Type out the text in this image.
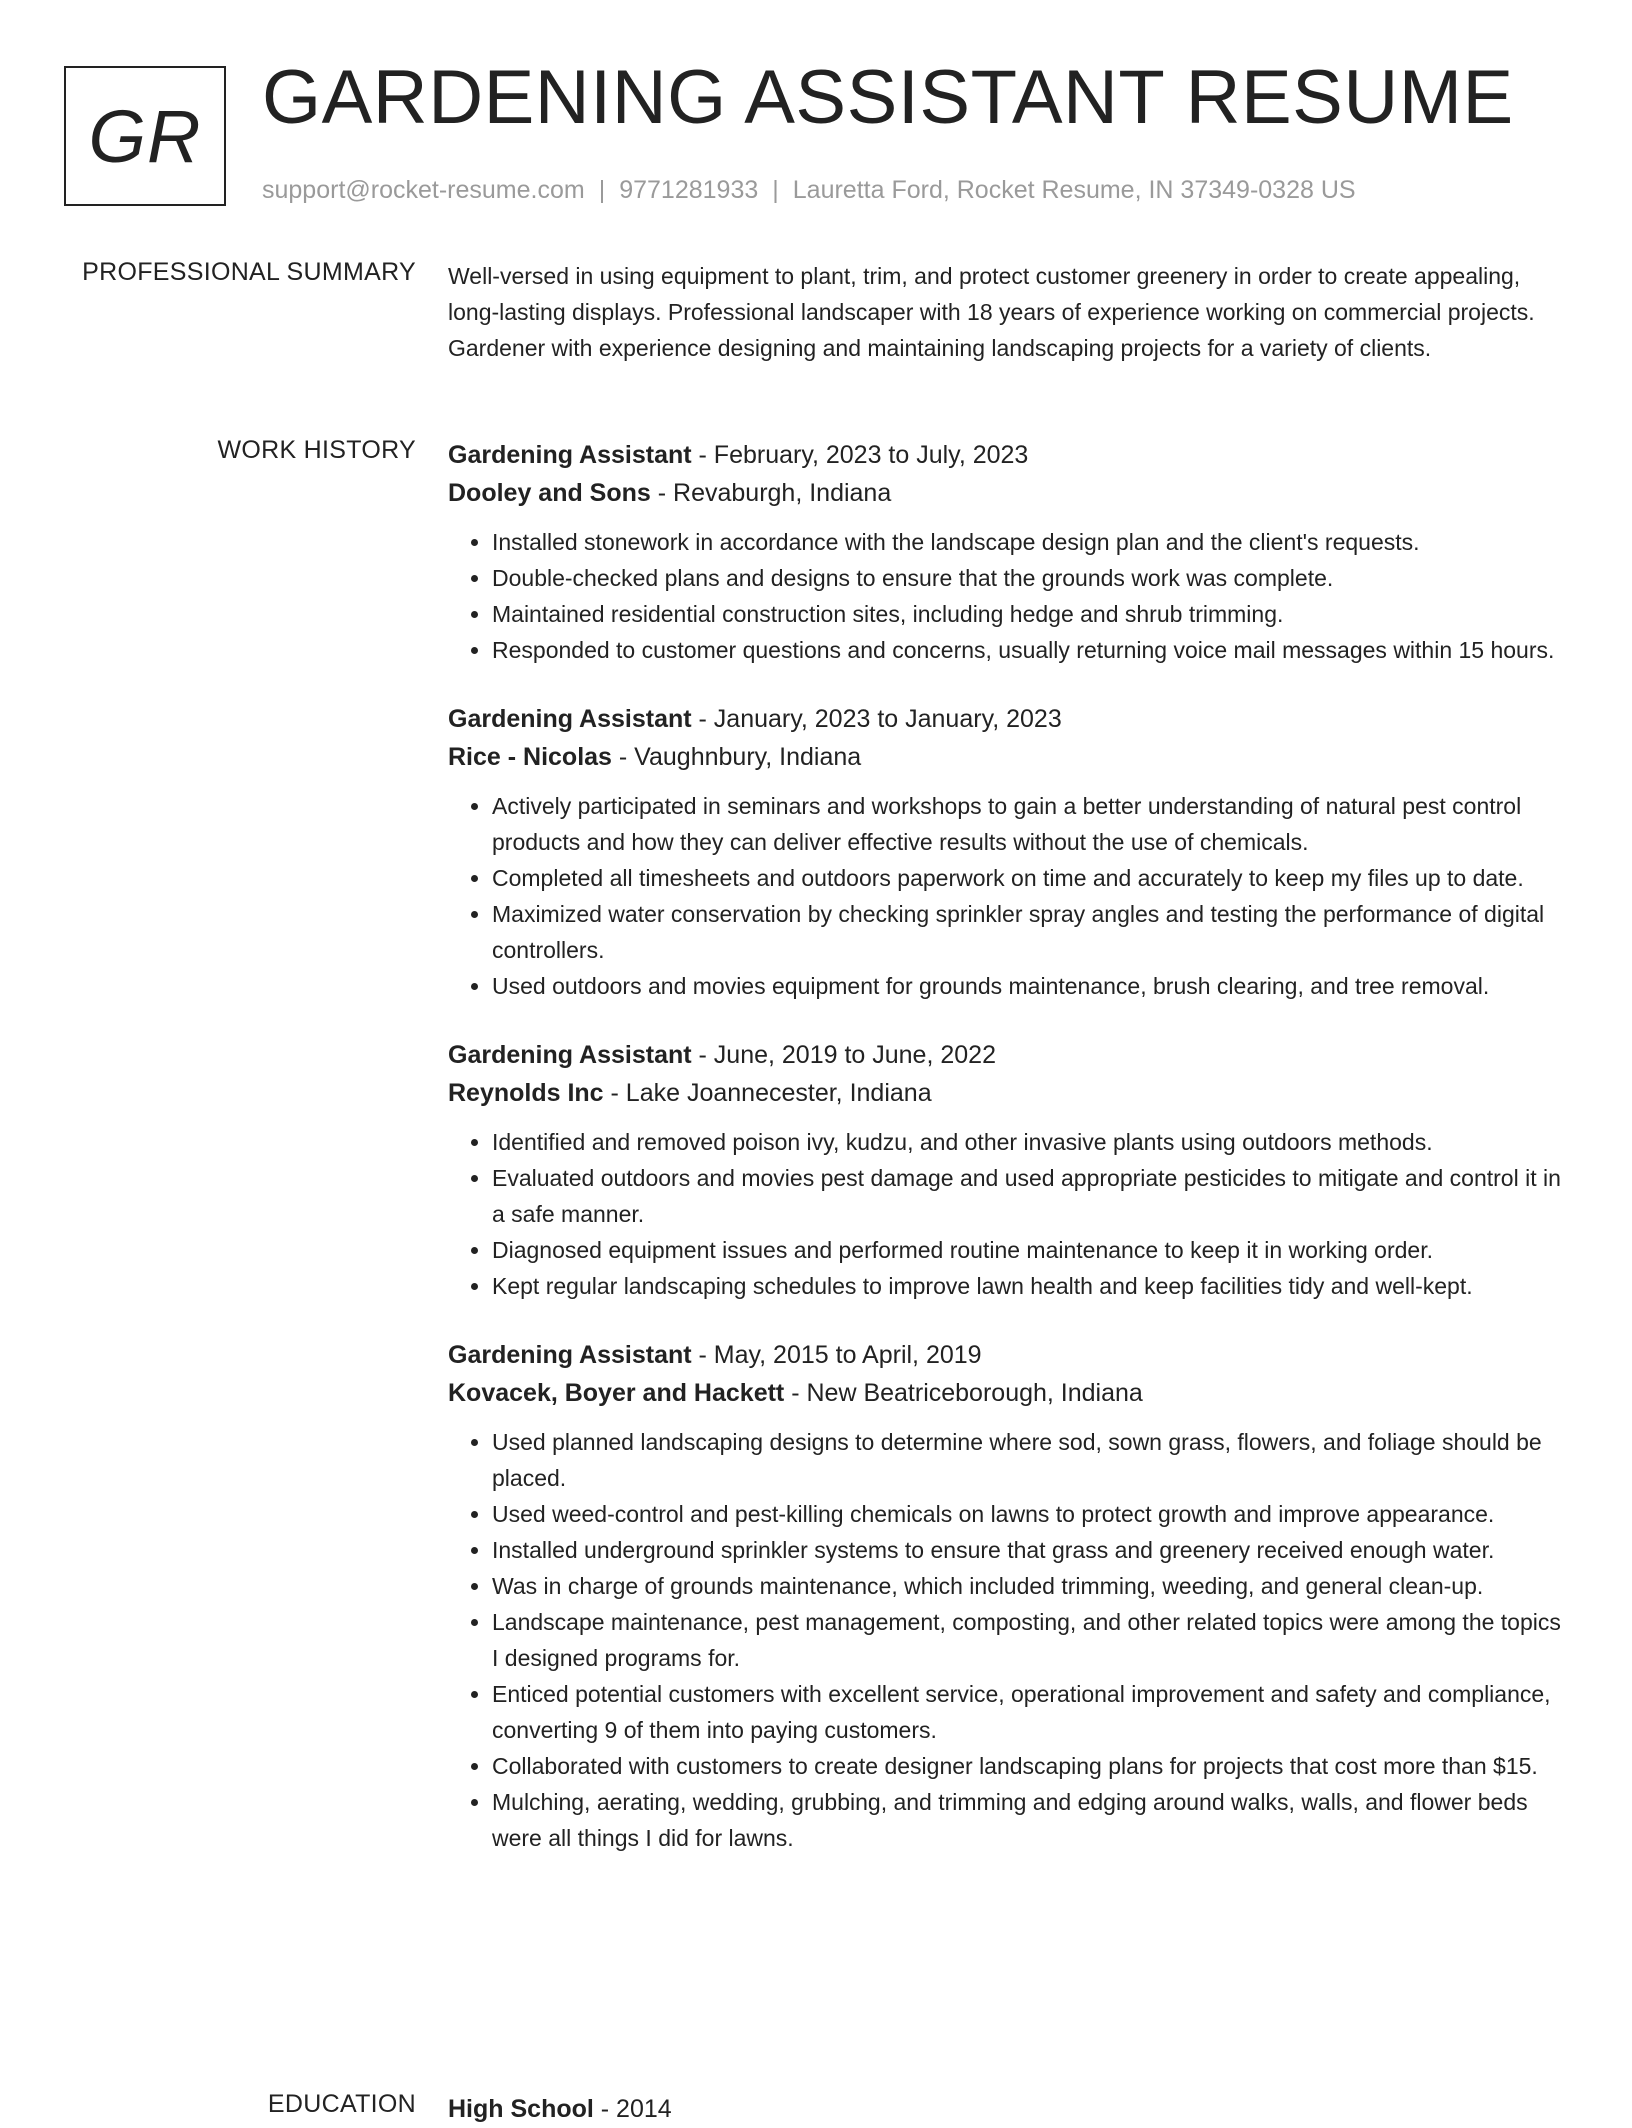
GR GARDENING ASSISTANT RESUME
support@rocket-resume.com | 9771281933 | Lauretta Ford, Rocket Resume, IN 37349-0328 US
PROFESSIONAL SUMMARY Well-versed in using equipment to plant, trim, and protect customer greenery in order to create appealing, long-lasting displays. Professional landscaper with 18 years of experience working on commercial projects. Gardener with experience designing and maintaining landscaping projects for a variety of clients.

WORK HISTORY Gardening Assistant - February, 2023 to July, 2023
Dooley and Sons - Revaburgh, Indiana
• Installed stonework in accordance with the landscape design plan and the client's requests.
• Double-checked plans and designs to ensure that the grounds work was complete.
• Maintained residential construction sites, including hedge and shrub trimming.
• Responded to customer questions and concerns, usually returning voice mail messages within 15 hours.
Gardening Assistant - January, 2023 to January, 2023
Rice - Nicolas - Vaughnbury, Indiana
• Actively participated in seminars and workshops to gain a better understanding of natural pest control products and how they can deliver effective results without the use of chemicals.
• Completed all timesheets and outdoors paperwork on time and accurately to keep my files up to date.
• Maximized water conservation by checking sprinkler spray angles and testing the performance of digital controllers.
• Used outdoors and movies equipment for grounds maintenance, brush clearing, and tree removal.
Gardening Assistant - June, 2019 to June, 2022
Reynolds Inc - Lake Joannecester, Indiana
• Identified and removed poison ivy, kudzu, and other invasive plants using outdoors methods.
• Evaluated outdoors and movies pest damage and used appropriate pesticides to mitigate and control it in a safe manner.
• Diagnosed equipment issues and performed routine maintenance to keep it in working order.
• Kept regular landscaping schedules to improve lawn health and keep facilities tidy and well-kept.
Gardening Assistant - May, 2015 to April, 2019
Kovacek, Boyer and Hackett - New Beatriceborough, Indiana
• Used planned landscaping designs to determine where sod, sown grass, flowers, and foliage should be placed.
• Used weed-control and pest-killing chemicals on lawns to protect growth and improve appearance.
• Installed underground sprinkler systems to ensure that grass and greenery received enough water.
• Was in charge of grounds maintenance, which included trimming, weeding, and general clean-up.
• Landscape maintenance, pest management, composting, and other related topics were among the topics I designed programs for.
• Enticed potential customers with excellent service, operational improvement and safety and compliance, converting 9 of them into paying customers.
• Collaborated with customers to create designer landscaping plans for projects that cost more than $15.
• Mulching, aerating, wedding, grubbing, and trimming and edging around walks, walls, and flower beds were all things I did for lawns.
EDUCATION High School - 2014
